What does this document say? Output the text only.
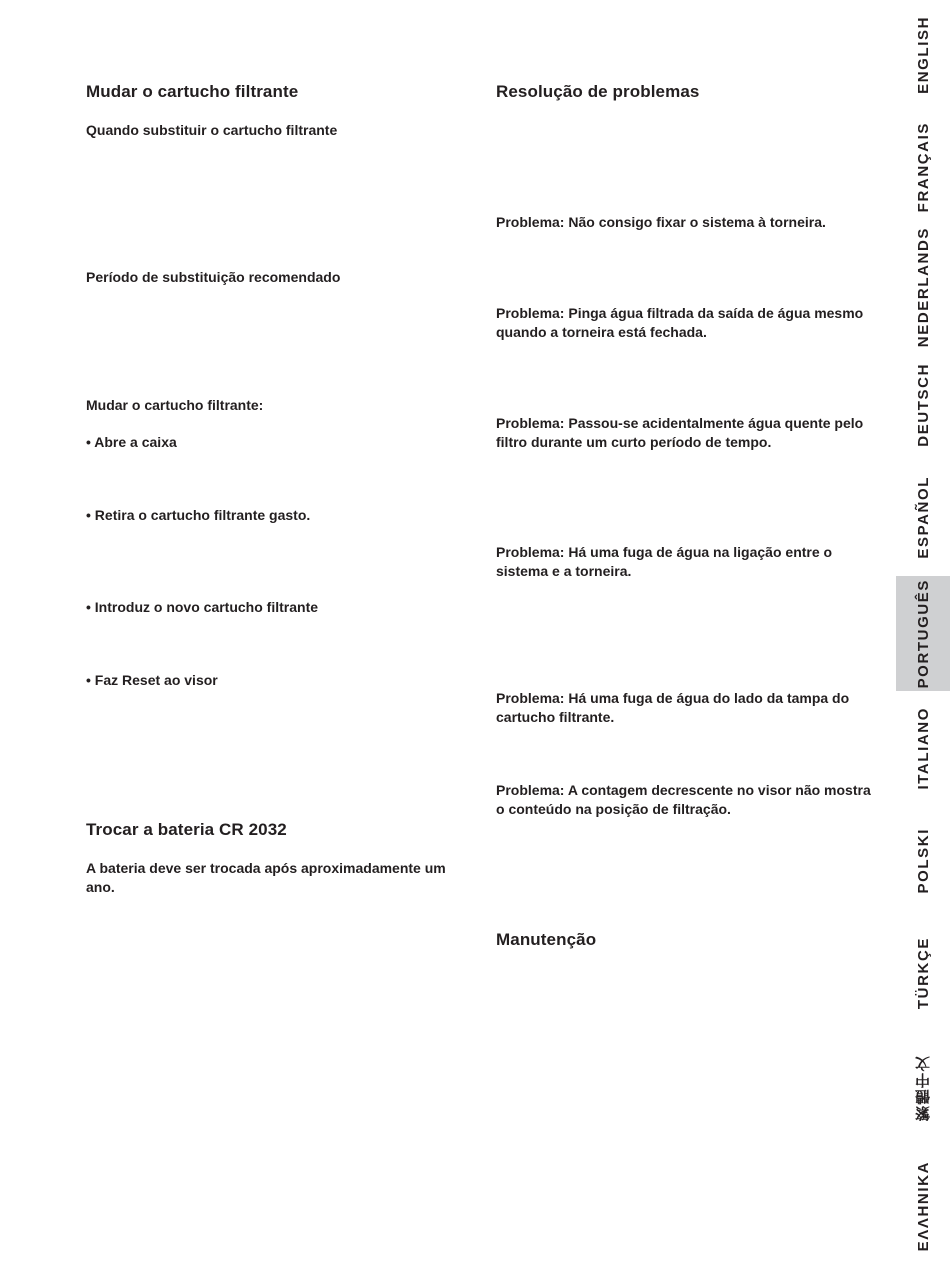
Mudar o cartucho filtrante
Quando substituir o cartucho filtrante
Período de substituição recomendado
Mudar o cartucho filtrante:
• Abre a caixa
• Retira o cartucho filtrante gasto.
• Introduz o novo cartucho filtrante
• Faz Reset ao visor
Trocar a bateria CR 2032
A bateria deve ser trocada após aproximadamente um ano.
Resolução de problemas
Problema: Não consigo fixar o sistema à torneira.
Problema: Pinga água filtrada da saída de água mesmo quando a torneira está fechada.
Problema: Passou-se acidentalmente água quente pelo filtro durante um curto período de tempo.
Problema: Há uma fuga de água na ligação entre o sistema e a torneira.
Problema: Há uma fuga de água do lado da tampa do cartucho filtrante.
Problema: A contagem decrescente no visor não mostra o conteúdo na posição de filtração.
Manutenção
ENGLISH
FRANÇAIS
NEDERLANDS
DEUTSCH
ESPAÑOL
PORTUGUÊS
ITALIANO
POLSKI
TÜRKÇE
繁體中文
ΕΛΛΗΝΙΚΑ
